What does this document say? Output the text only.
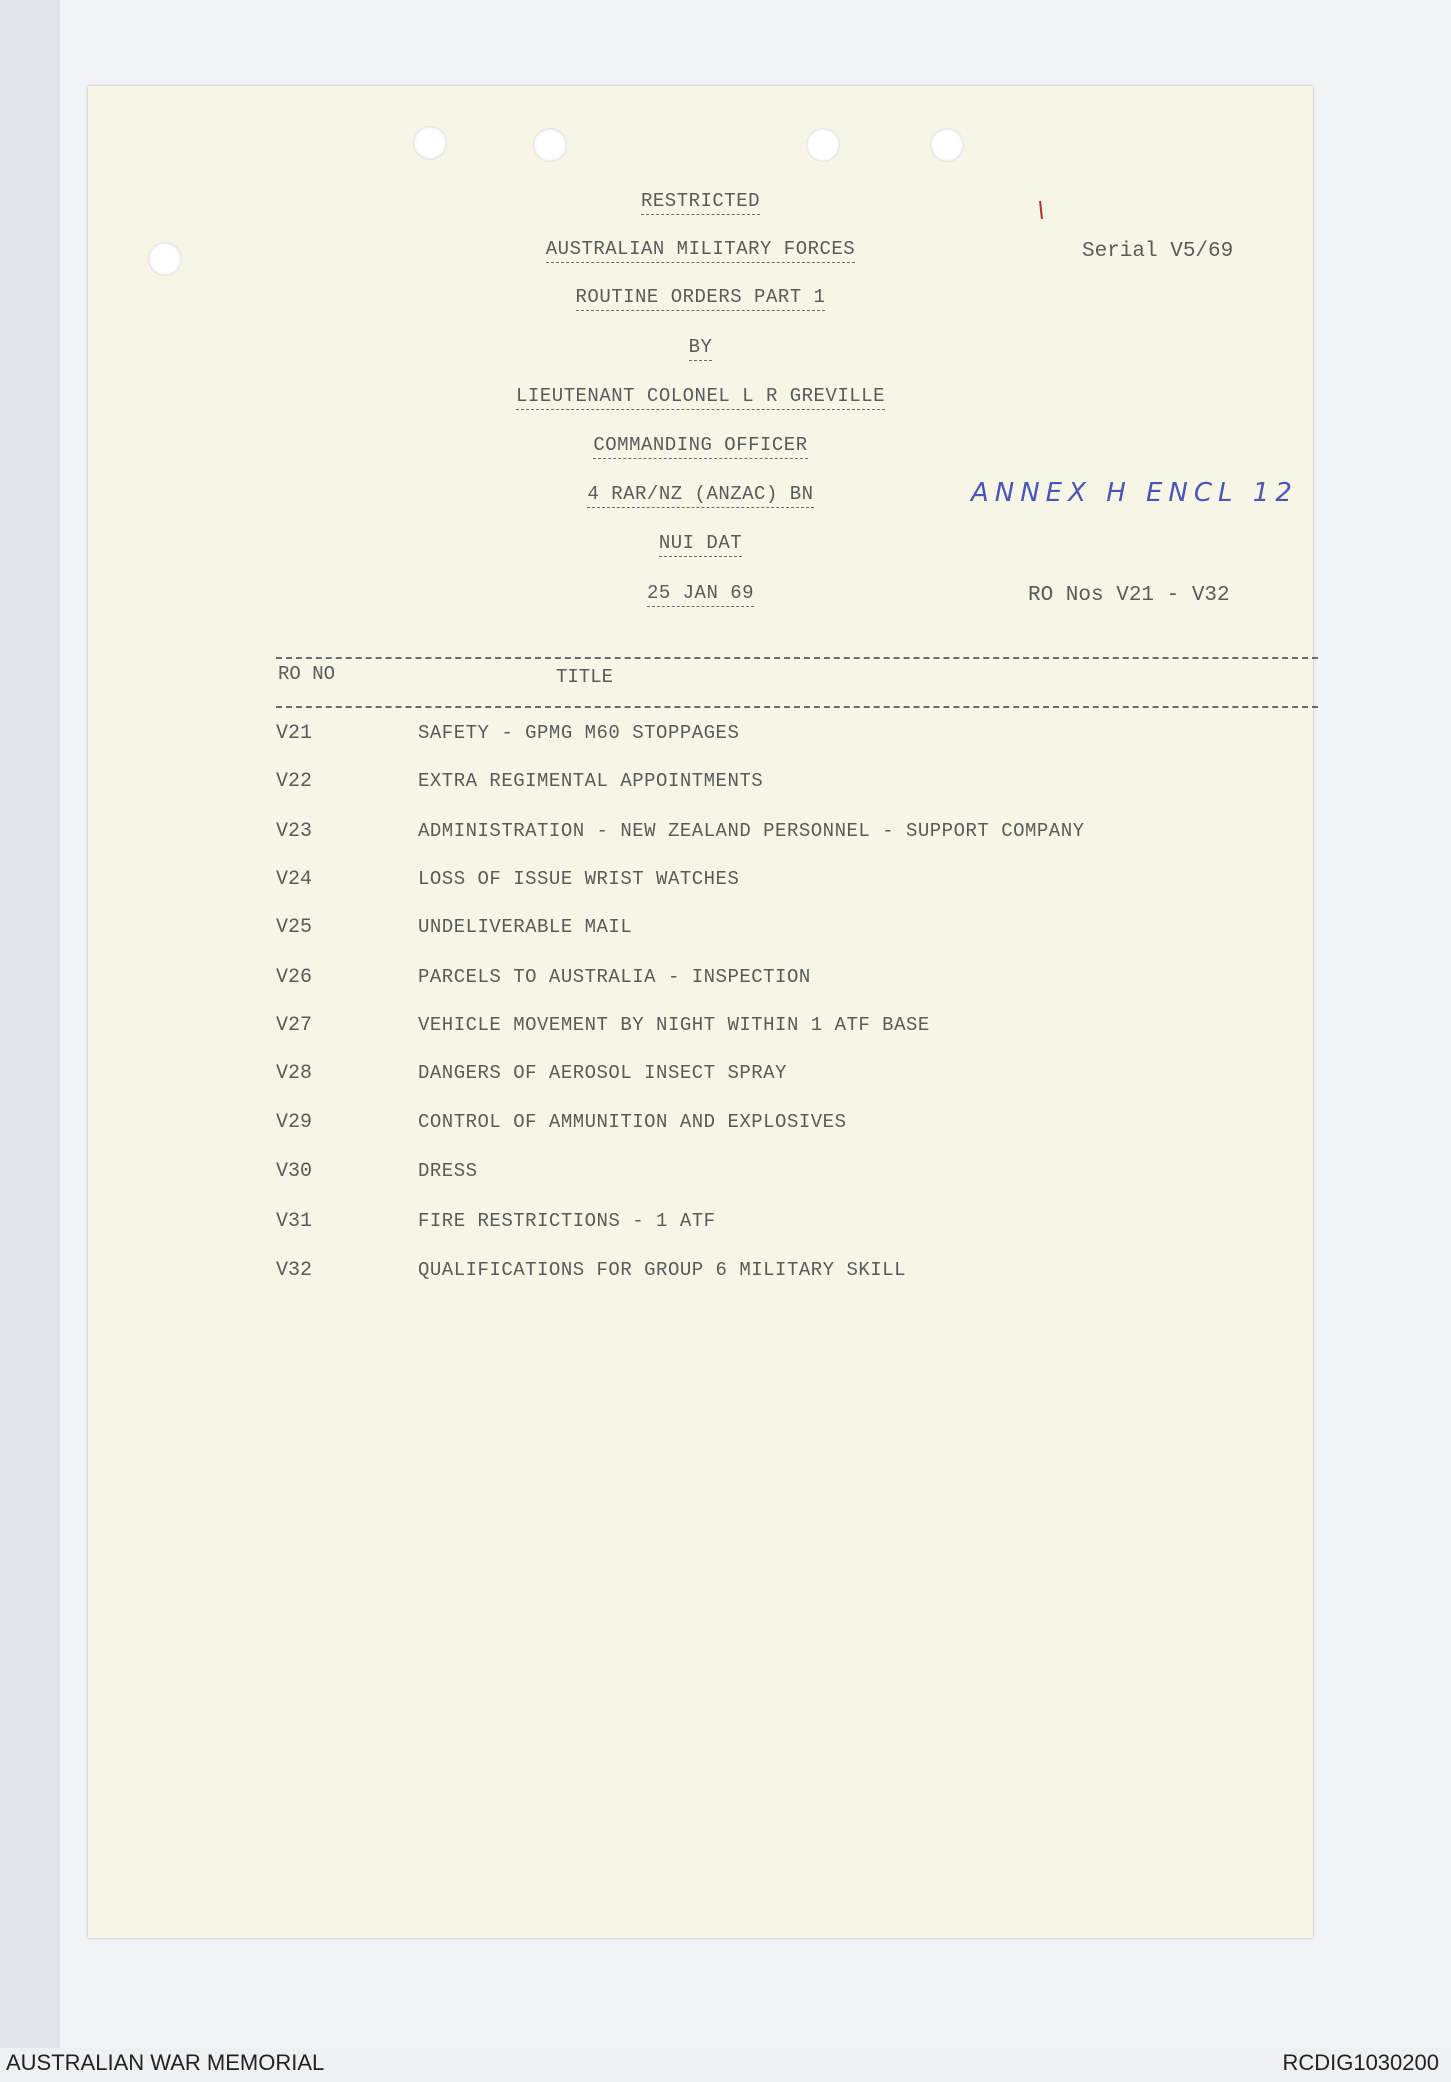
RESTRICTED
AUSTRALIAN MILITARY FORCES
ROUTINE ORDERS PART 1
BY
LIEUTENANT COLONEL L R GREVILLE
COMMANDING OFFICER
4 RAR/NZ (ANZAC) BN
NUI DAT
25 JAN 69
Serial V5/69
ANNEX H ENCL 12
RO Nos V21 - V32
RO NO	TITLE
V21	SAFETY - GPMG M60 STOPPAGES
V22	EXTRA REGIMENTAL APPOINTMENTS
V23	ADMINISTRATION - NEW ZEALAND PERSONNEL - SUPPORT COMPANY
V24	LOSS OF ISSUE WRIST WATCHES
V25	UNDELIVERABLE MAIL
V26	PARCELS TO AUSTRALIA - INSPECTION
V27	VEHICLE MOVEMENT BY NIGHT WITHIN 1 ATF BASE
V28	DANGERS OF AEROSOL INSECT SPRAY
V29	CONTROL OF AMMUNITION AND EXPLOSIVES
V30	DRESS
V31	FIRE RESTRICTIONS - 1 ATF
V32	QUALIFICATIONS FOR GROUP 6 MILITARY SKILL
AUSTRALIAN WAR MEMORIAL	RCDIG1030200
